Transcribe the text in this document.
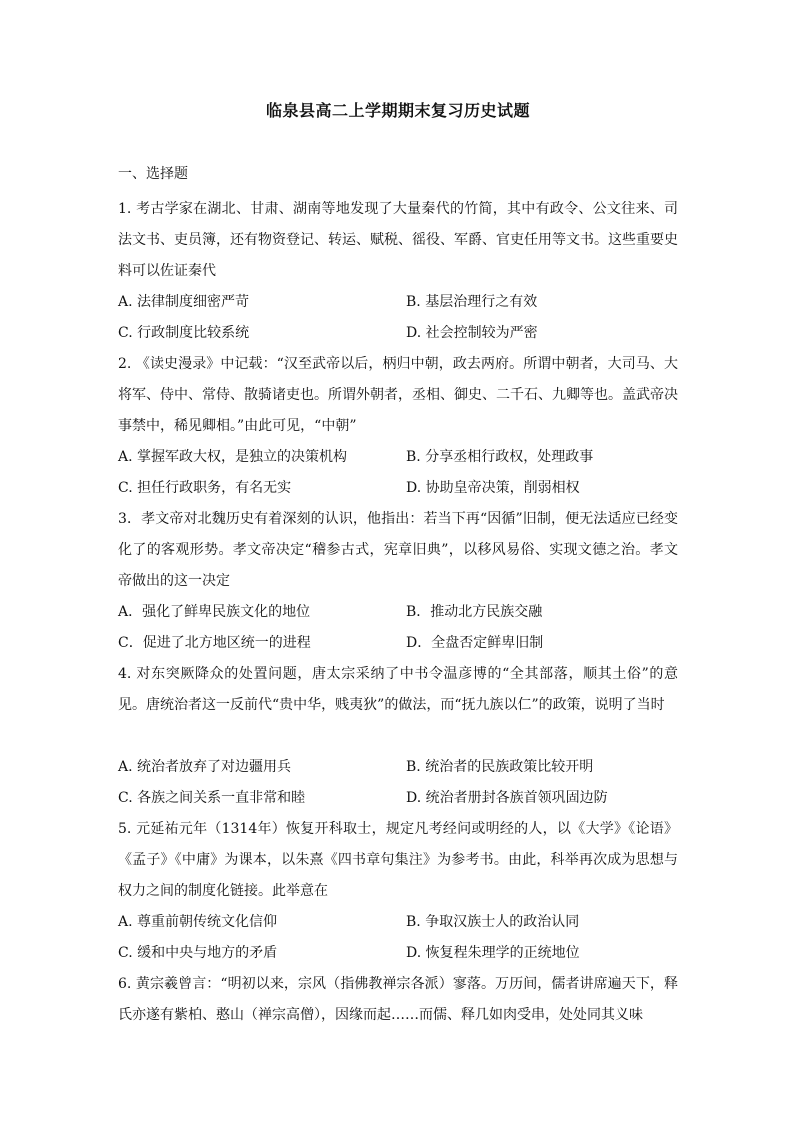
临泉县高二上学期期末复习历史试题
一、选择题
1. 考古学家在湖北、甘肃、湖南等地发现了大量秦代的竹简，其中有政令、公文往来、司法文书、吏员簿，还有物资登记、转运、赋税、徭役、军爵、官吏任用等文书。这些重要史料可以佐证秦代
A. 法律制度细密严苛	B. 基层治理行之有效
C. 行政制度比较系统	D. 社会控制较为严密
2. 《读史漫录》中记载：“汉至武帝以后，柄归中朝，政去两府。所谓中朝者，大司马、大将军、侍中、常侍、散骑诸吏也。所谓外朝者，丞相、御史、二千石、九卿等也。盖武帝决事禁中，稀见卿相。”由此可见，“中朝”
A. 掌握军政大权，是独立的决策机构	B. 分享丞相行政权，处理政事
C. 担任行政职务，有名无实	D. 协助皇帝决策，削弱相权
3．孝文帝对北魏历史有着深刻的认识，他指出：若当下再“因循”旧制，便无法适应已经变化了的客观形势。孝文帝决定“稽参古式，宪章旧典”，以移风易俗、实现文德之治。孝文帝做出的这一决定
A．强化了鲜卑民族文化的地位	B．推动北方民族交融
C．促进了北方地区统一的进程	D．全盘否定鲜卑旧制
4. 对东突厥降众的处置问题，唐太宗采纳了中书令温彦博的“全其部落，顺其土俗”的意见。唐统治者这一反前代“贵中华，贱夷狄”的做法，而“抚九族以仁”的政策，说明了当时
A. 统治者放弃了对边疆用兵	B. 统治者的民族政策比较开明
C. 各族之间关系一直非常和睦	D. 统治者册封各族首领巩固边防
5. 元延祐元年（1314年）恢复开科取士，规定凡考经问或明经的人，以《大学》《论语》《孟子》《中庸》为课本，以朱熹《四书章句集注》为参考书。由此，科举再次成为思想与权力之间的制度化链接。此举意在
A. 尊重前朝传统文化信仰	B. 争取汉族士人的政治认同
C. 缓和中央与地方的矛盾	D. 恢复程朱理学的正统地位
6. 黄宗羲曾言：“明初以来，宗风（指佛教禅宗各派）寥落。万历间，儒者讲席遍天下，释氏亦遂有紫柏、憨山（禅宗高僧），因缘而起……而儒、释几如肉受串，处处同其义味
